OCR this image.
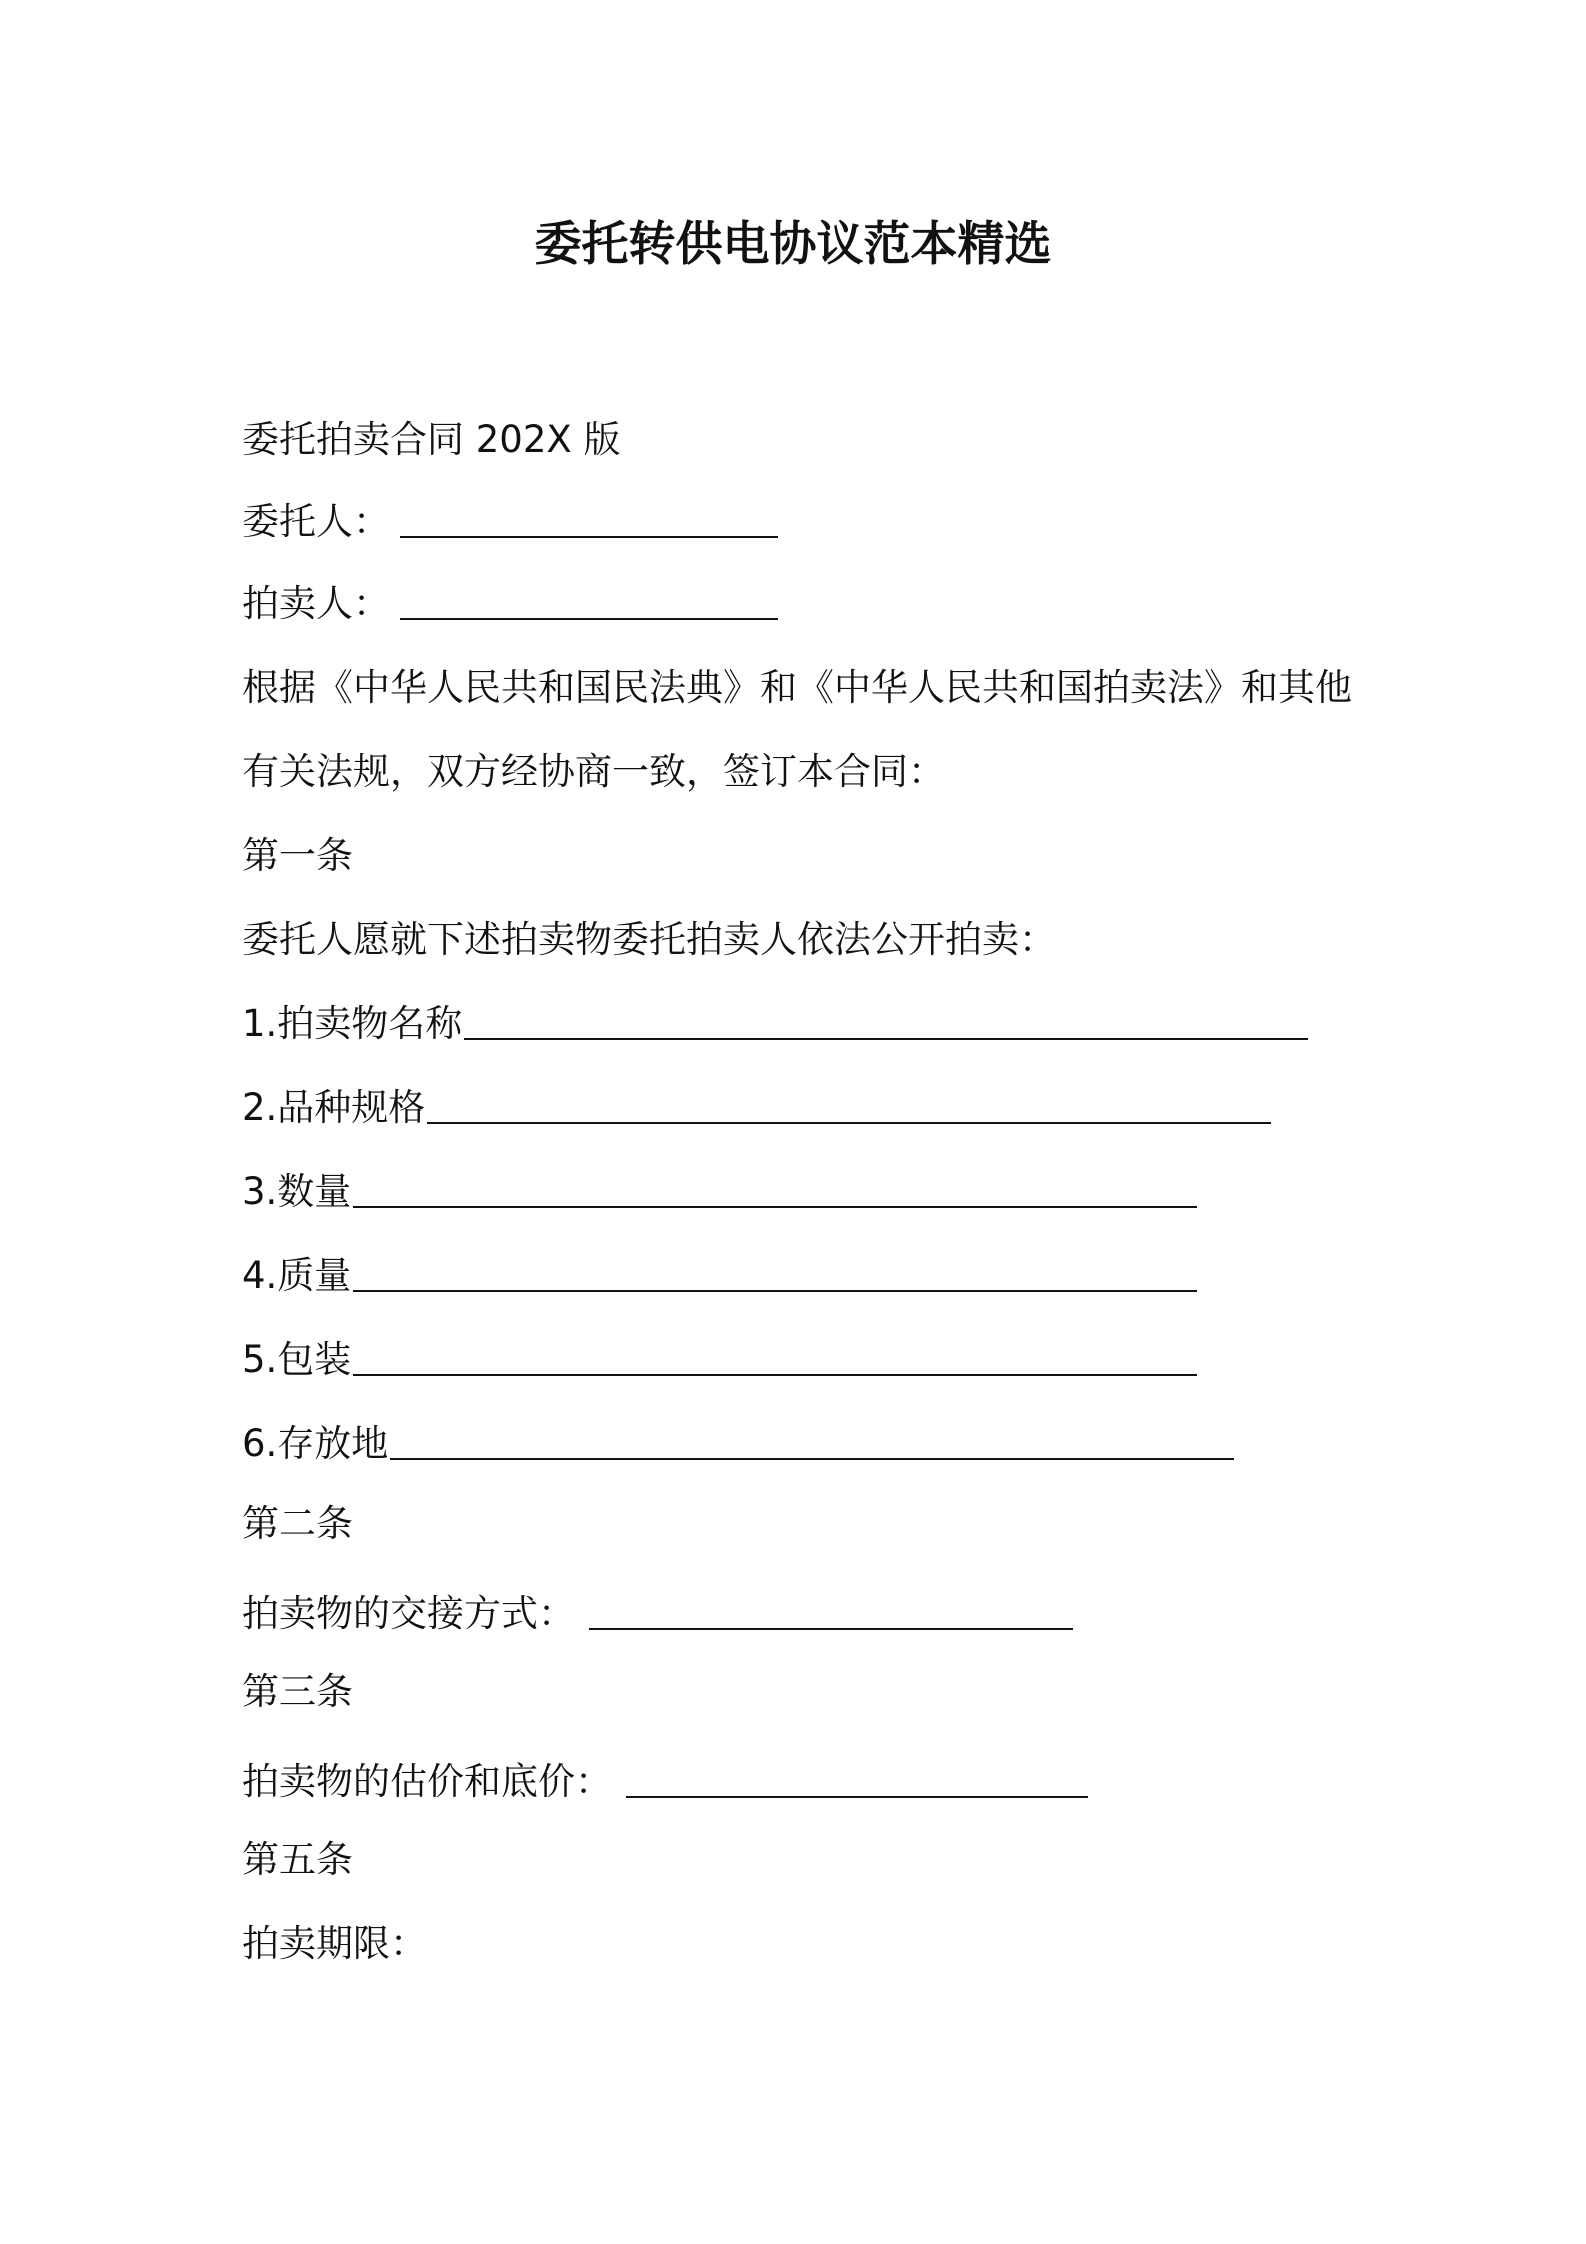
委托转供电协议范本精选
委托拍卖合同 202X 版
委托人：
拍卖人：
根据《中华人民共和国民法典》和《中华人民共和国拍卖法》和其他
有关法规，双方经协商一致，签订本合同：
第一条
委托人愿就下述拍卖物委托拍卖人依法公开拍卖：
1.拍卖物名称
2.品种规格
3.数量
4.质量
5.包装
6.存放地
第二条
拍卖物的交接方式：
第三条
拍卖物的估价和底价：
第五条
拍卖期限：
